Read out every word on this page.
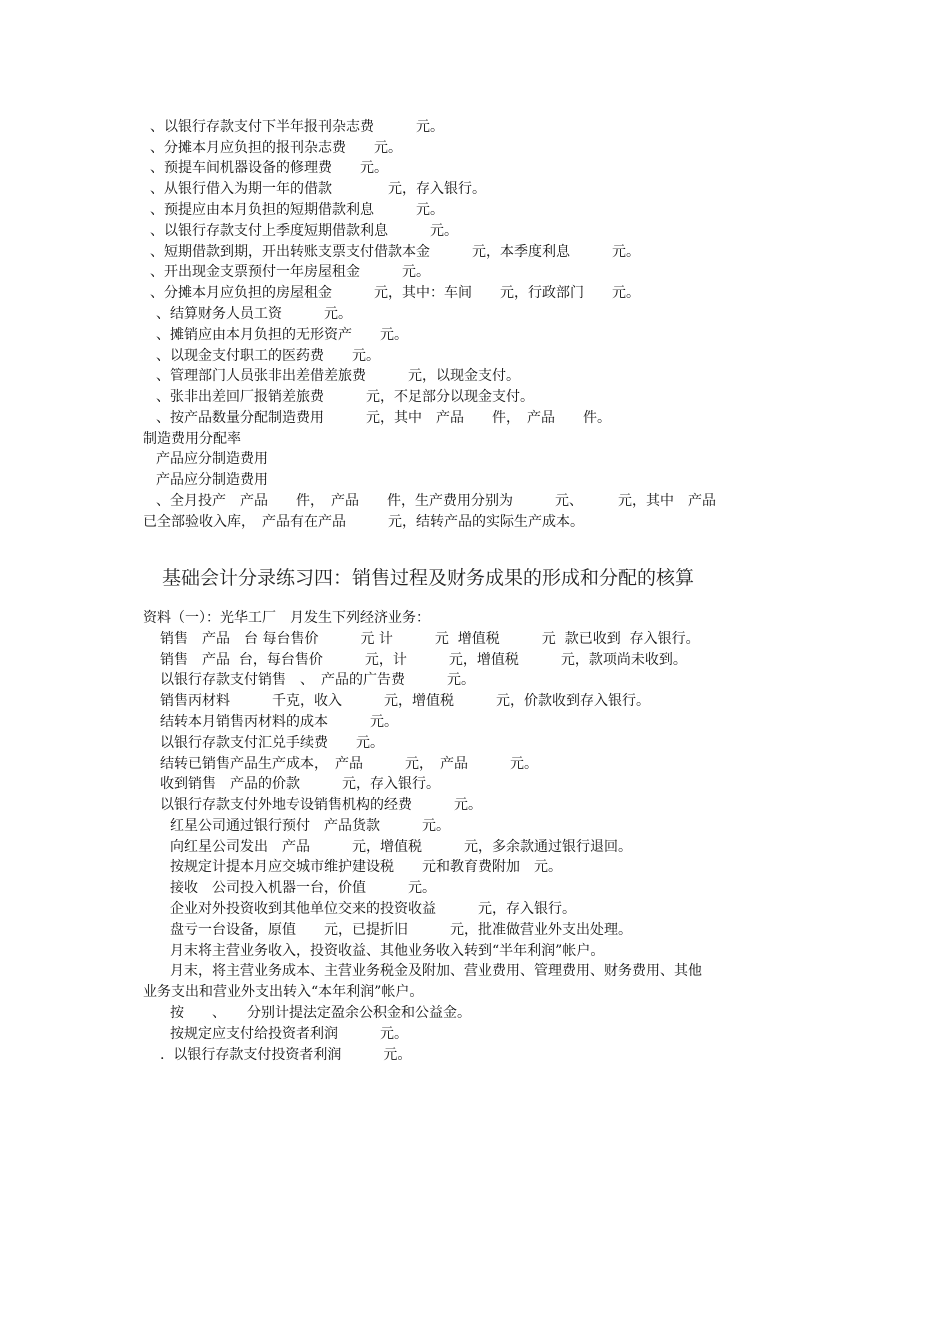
、以银行存款支付下半年报刊杂志费　　　元。
、分摊本月应负担的报刊杂志费　　元。
、预提车间机器设备的修理费　　元。
、从银行借入为期一年的借款　　　　元，存入银行。
、预提应由本月负担的短期借款利息　　　元。
、以银行存款支付上季度短期借款利息　　　元。
、短期借款到期，开出转账支票支付借款本金　　　元，本季度利息　　　元。
、开出现金支票预付一年房屋租金　　　元。
、分摊本月应负担的房屋租金　　　元，其中：车间　　元，行政部门　　元。
、结算财务人员工资　　　元。
、摊销应由本月负担的无形资产　　元。
、以现金支付职工的医药费　　元。
、管理部门人员张非出差借差旅费　　　元，以现金支付。
、张非出差回厂报销差旅费　　　元，不足部分以现金支付。
、按产品数量分配制造费用　　　元，其中　产品　　件，　产品　　件。
制造费用分配率
产品应分制造费用
产品应分制造费用
、全月投产　产品　　件，　产品　　件，生产费用分别为　　　元、　　　元，其中　产品
已全部验收入库，　产品有在产品　　　元，结转产品的实际生产成本。
基础会计分录练习四：销售过程及财务成果的形成和分配的核算
资料（一）：光华工厂　月发生下列经济业务：
销售　产品　台 每台售价　　　元 计　　　元  增值税　　　元  款已收到  存入银行。
销售　产品  台，每台售价　　　元，计　　　元，增值税　　　元，款项尚未收到。
以银行存款支付销售　、　产品的广告费　　　元。
销售丙材料　　　千克，收入　　　元，增值税　　　元，价款收到存入银行。
结转本月销售丙材料的成本　　　元。
以银行存款支付汇兑手续费　　元。
结转已销售产品生产成本，　产品　　　元，　产品　　　元。
收到销售　产品的价款　　　元，存入银行。
以银行存款支付外地专设销售机构的经费　　　元。
红星公司通过银行预付　产品货款　　　元。
向红星公司发出　产品　　　元，增值税　　　元，多余款通过银行退回。
按规定计提本月应交城市维护建设税　　元和教育费附加　元。
接收　公司投入机器一台，价值　　　元。
企业对外投资收到其他单位交来的投资收益　　　元，存入银行。
盘亏一台设备，原值　　元，已提折旧　　　元，批准做营业外支出处理。
月末将主营业务收入，投资收益、其他业务收入转到“半年利润”帐户。
月末，将主营业务成本、主营业务税金及附加、营业费用、管理费用、财务费用、其他
业务支出和营业外支出转入“本年利润”帐户。
按　　、　　分别计提法定盈余公积金和公益金。
按规定应支付给投资者利润　　　元。
.  以银行存款支付投资者利润　　　元。
